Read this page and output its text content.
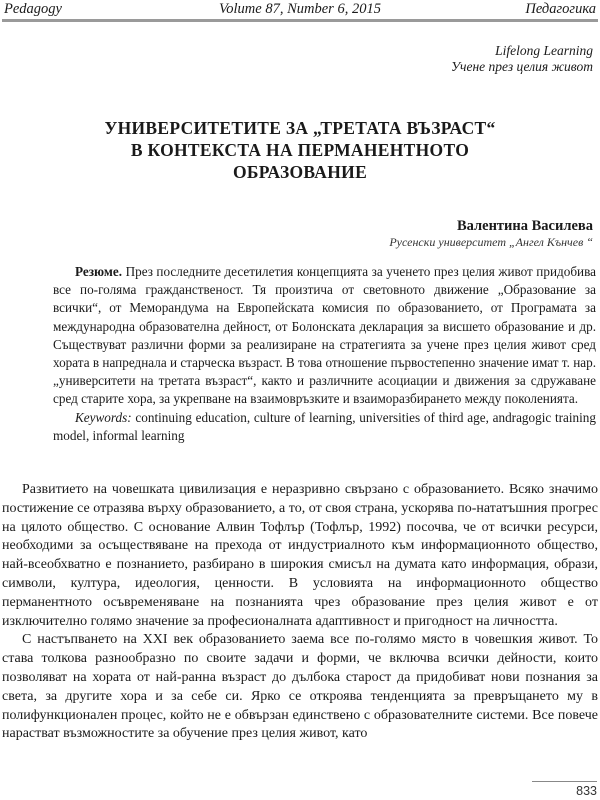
Volume 87, Number 6, 2015
Pedagogy	Педагогика
Lifelong Learning
Учене през целия живот
УНИВЕРСИТЕТИТЕ ЗА „ТРЕТАТА ВЪЗРАСТ“
В КОНТЕКСТА НА ПЕРМАНЕНТНОТО
ОБРАЗОВАНИЕ
Валентина Василева
Русенски университет „Ангел Кънчев “

Резюме. През последните десетилетия концепцията за ученето през целия живот придобива все по-голяма гражданственост. Тя произтича от световното движение „Образование за всички“, от Меморандума на Европейската комисия по образованието, от Програмата за международна образователна дейност, от Болонската декларация за висшето образование и др. Съществуват различни форми за реализиране на стратегията за учене през целия живот сред хората в напреднала и старческа възраст. В това отношение първостепенно значение имат т. нар. „университети на третата възраст“, както и различните асоциации и движения за сдружаване сред старите хора, за укрепване на взаимовръзките и взаиморазбирането между поколенията.

Keywords: continuing education, culture of learning, universities of third age, andragogic training model, informal learning

Развитието на човешката цивилизация е неразривно свързано с образованието. Всяко значимо постижение се отразява върху образованието, а то, от своя страна, ускорява по-нататъшния прогрес на цялото общество. С основание Алвин Тофлър (Тофлър, 1992) посочва, че от всички ресурси, необходими за осъществяване на прехода от индустриалното към информационното общество, най-всеобхватно е познанието, разбирано в широкия смисъл на думата като информация, образи, символи, култура, идеология, ценности. В условията на информационното общество перманентното осъвременяване на познанията чрез образование през целия живот е от изключително голямо значение за професионалната адаптивност и пригодност на личността.

С настъпването на XXI век образованието заема все по-голямо място в човешкия живот. То става толкова разнообразно по своите задачи и форми, че включва всички дейности, които позволяват на хората от най-ранна възраст до дълбока старост да придобиват нови познания за света, за другите хора и за себе си. Ярко се откроява тенденцията за превръщането му в полифункционален процес, който не е обвързан единствено с образователните системи. Все повече нарастват възможностите за обучение през целия живот, като

833
